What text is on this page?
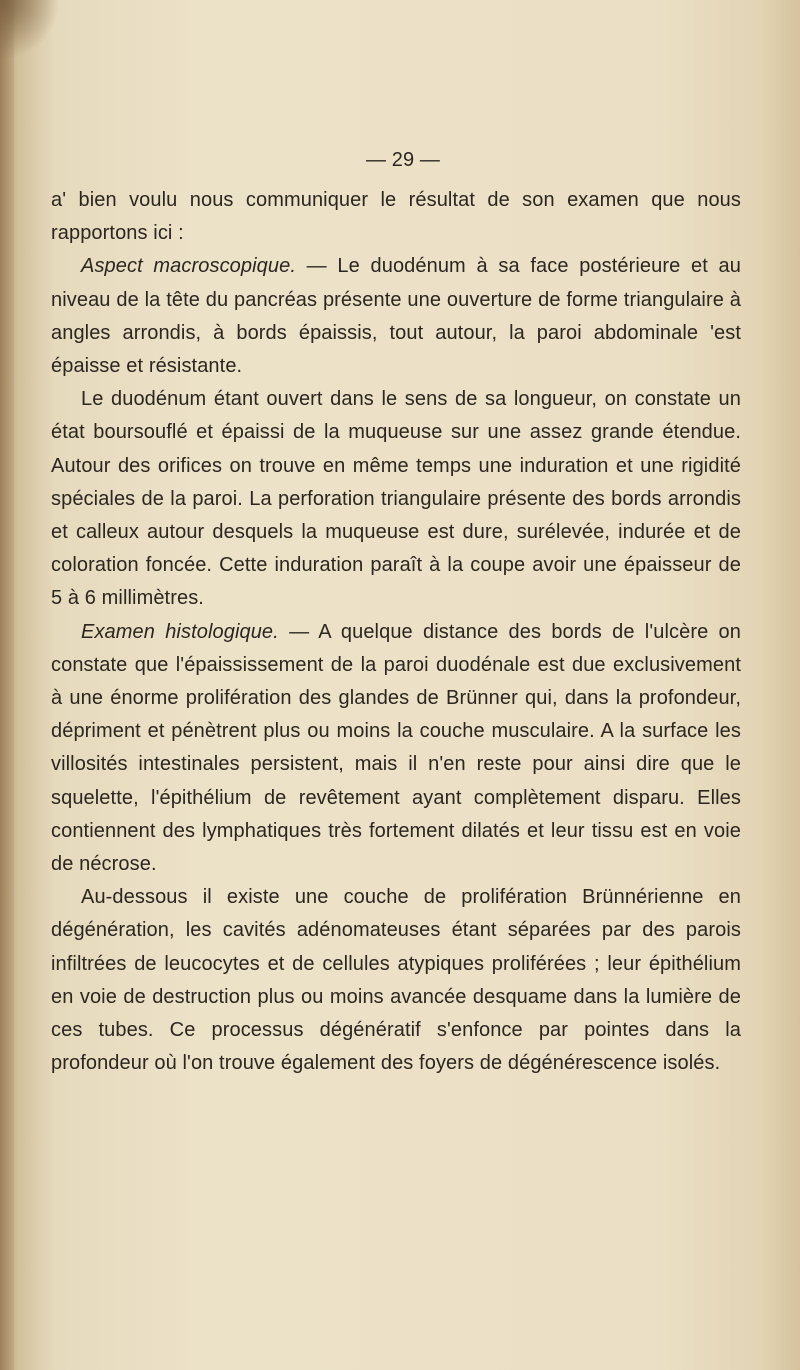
— 29 —

a' bien voulu nous communiquer le résultat de son examen que nous rapportons ici :

Aspect macroscopique. — Le duodénum à sa face postérieure et au niveau de la tête du pancréas présente une ouverture de forme triangulaire à angles arrondis, à bords épaissis, tout autour, la paroi abdominale 'est épaisse et résistante.

Le duodénum étant ouvert dans le sens de sa longueur, on constate un état boursouflé et épaissi de la muqueuse sur une assez grande étendue. Autour des orifices on trouve en même temps une induration et une rigidité spéciales de la paroi. La perforation triangulaire présente des bords arrondis et calleux autour desquels la muqueuse est dure, surélevée, indurée et de coloration foncée. Cette induration paraît à la coupe avoir une épaisseur de 5 à 6 millimètres.

Examen histologique. — A quelque distance des bords de l'ulcère on constate que l'épaississement de la paroi duodénale est due exclusivement à une énorme prolifération des glandes de Brünner qui, dans la profondeur, dépriment et pénètrent plus ou moins la couche musculaire. A la surface les villosités intestinales persistent, mais il n'en reste pour ainsi dire que le squelette, l'épithélium de revêtement ayant complètement disparu. Elles contiennent des lymphatiques très fortement dilatés et leur tissu est en voie de nécrose.

Au-dessous il existe une couche de prolifération Brünnérienne en dégénération, les cavités adénomateuses étant séparées par des parois infiltrées de leucocytes et de cellules atypiques proliférées ; leur épithélium en voie de destruction plus ou moins avancée desquame dans la lumière de ces tubes. Ce processus dégénératif s'enfonce par pointes dans la profondeur où l'on trouve également des foyers de dégénérescence isolés.
